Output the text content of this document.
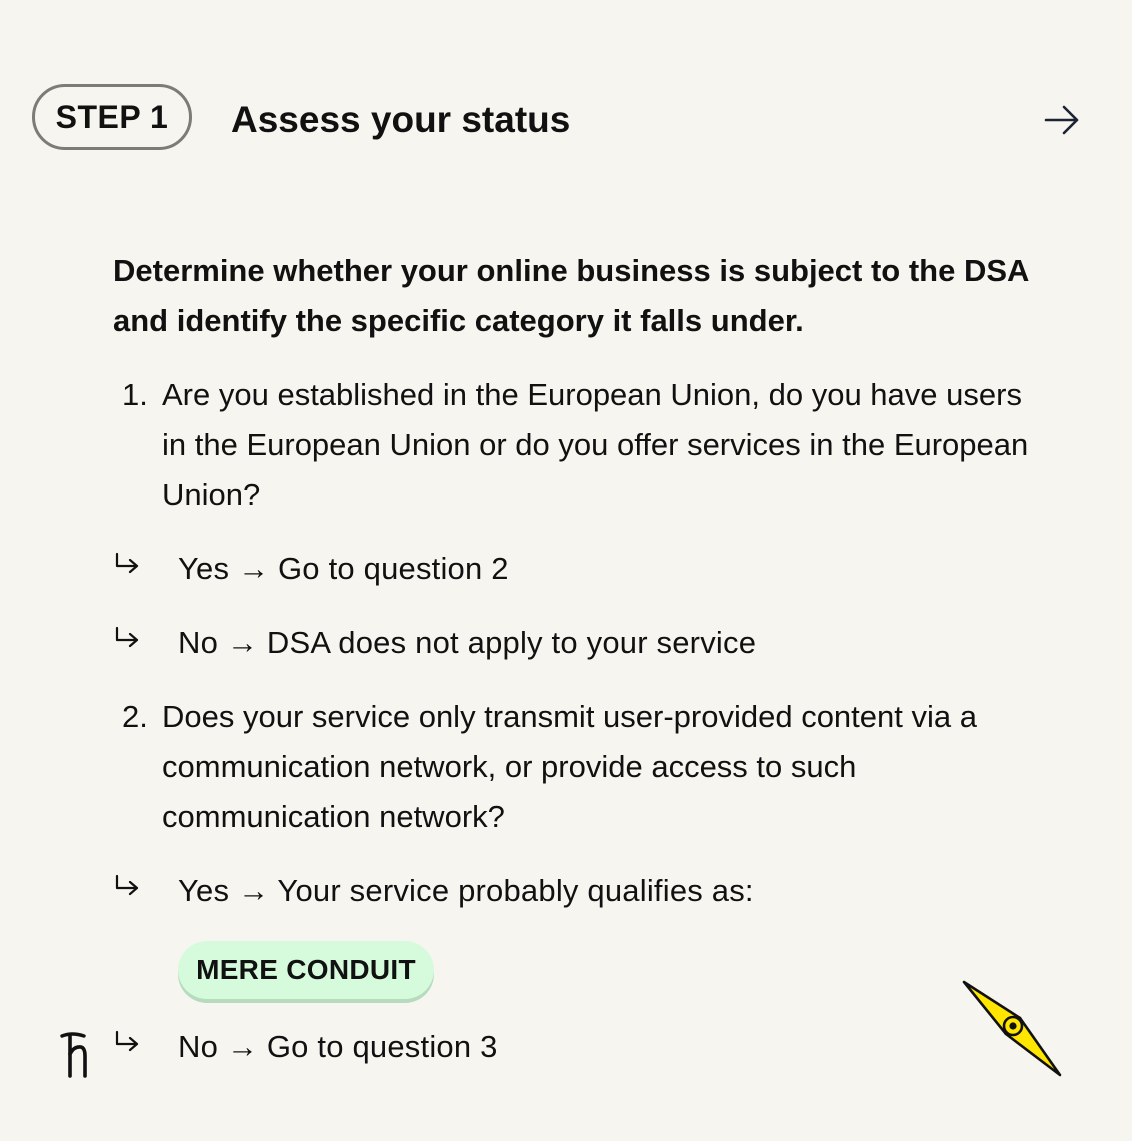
STEP 1	Assess your status
Determine whether your online business is subject to the DSA and identify the specific category it falls under.
1. Are you established in the European Union, do you have users in the European Union or do you offer services in the European Union?
Yes → Go to question 2
No → DSA does not apply to your service
2. Does your service only transmit user-provided content via a communication network, or provide access to such communication network?
Yes → Your service probably qualifies as:
MERE CONDUIT
No → Go to question 3
